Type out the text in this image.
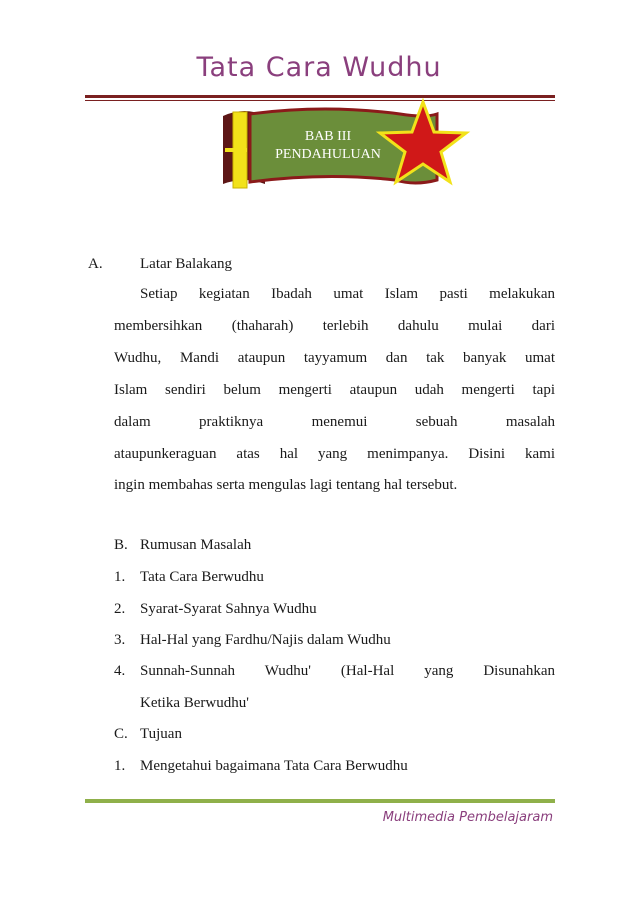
Tata Cara Wudhu
BAB III
PENDAHULUAN
A. Latar Balakang
Setiap kegiatan Ibadah umat Islam pasti melakukan
membersihkan (thaharah) terlebih dahulu mulai dari
Wudhu, Mandi ataupun tayyamum dan tak banyak umat
Islam sendiri belum mengerti ataupun udah mengerti tapi
dalam praktiknya menemui sebuah masalah
ataupunkeraguan atas hal yang menimpanya. Disini kami
ingin membahas serta mengulas lagi tentang hal tersebut.
B. Rumusan Masalah
1. Tata Cara Berwudhu
2. Syarat-Syarat Sahnya Wudhu
3. Hal-Hal yang Fardhu/Najis dalam Wudhu
4. Sunnah-Sunnah Wudhu' (Hal-Hal yang Disunahkan
Ketika Berwudhu'
C. Tujuan
1. Mengetahui bagaimana Tata Cara Berwudhu
Multimedia Pembelajaram
